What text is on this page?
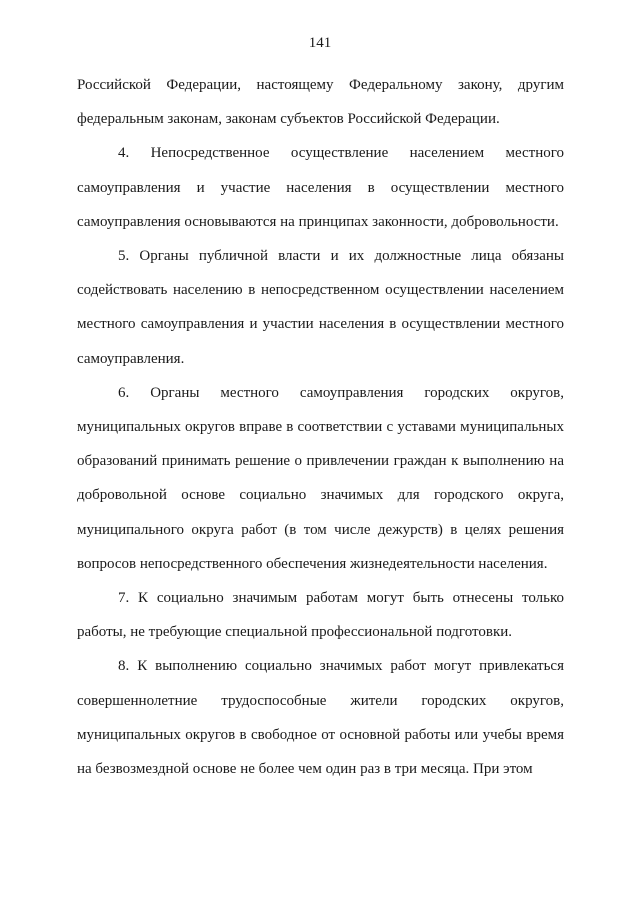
141

Российской Федерации, настоящему Федеральному закону, другим федеральным законам, законам субъектов Российской Федерации.

4. Непосредственное осуществление населением местного самоуправления и участие населения в осуществлении местного самоуправления основываются на принципах законности, добровольности.

5. Органы публичной власти и их должностные лица обязаны содействовать населению в непосредственном осуществлении населением местного самоуправления и участии населения в осуществлении местного самоуправления.

6. Органы местного самоуправления городских округов, муниципальных округов вправе в соответствии с уставами муниципальных образований принимать решение о привлечении граждан к выполнению на добровольной основе социально значимых для городского округа, муниципального округа работ (в том числе дежурств) в целях решения вопросов непосредственного обеспечения жизнедеятельности населения.

7. К социально значимым работам могут быть отнесены только работы, не требующие специальной профессиональной подготовки.

8. К выполнению социально значимых работ могут привлекаться совершеннолетние трудоспособные жители городских округов, муниципальных округов в свободное от основной работы или учебы время на безвозмездной основе не более чем один раз в три месяца. При этом
